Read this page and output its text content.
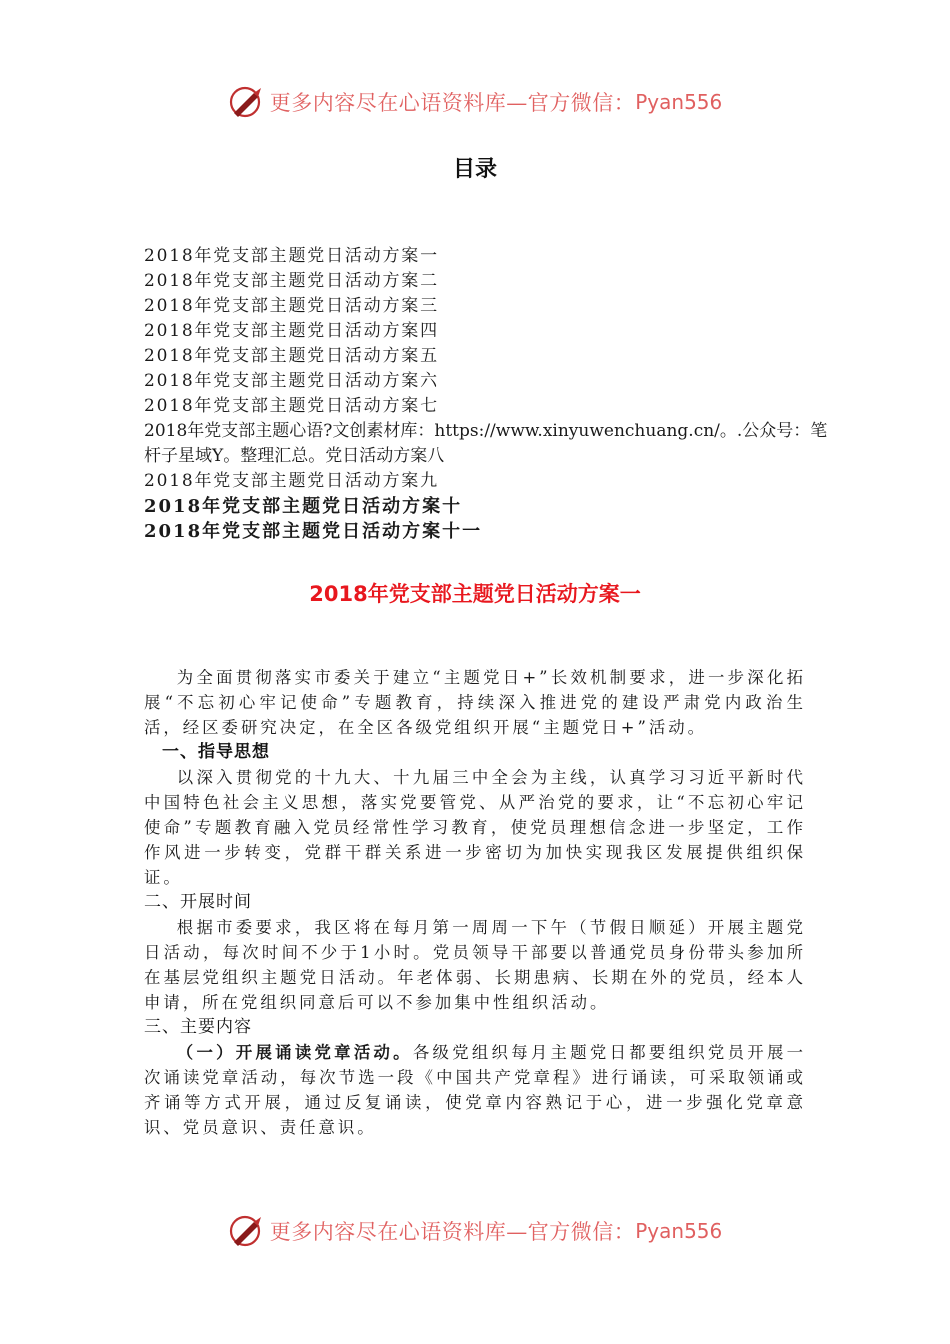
更多内容尽在心语资料库—官方微信： Pyan556
目录
2018年党支部主题党日活动方案一
2018年党支部主题党日活动方案二
2018年党支部主题党日活动方案三
2018年党支部主题党日活动方案四
2018年党支部主题党日活动方案五
2018年党支部主题党日活动方案六
2018年党支部主题党日活动方案七
2018年党支部主题心语?文创素材库：https://www.xinyuwenchuang.cn/。.公众号：笔杆子星域Y。整理汇总。党日活动方案八
2018年党支部主题党日活动方案九
2018年党支部主题党日活动方案十
2018年党支部主题党日活动方案十一
2018年党支部主题党日活动方案一

为全面贯彻落实市委关于建立“主题党日+”长效机制要求，进一步深化拓展“不忘初心牢记使命”专题教育，持续深入推进党的建设严肃党内政治生活，经区委研究决定，在全区各级党组织开展“主题党日+”活动。

一、指导思想

以深入贯彻党的十九大、十九届三中全会为主线，认真学习习近平新时代中国特色社会主义思想，落实党要管党、从严治党的要求，让“不忘初心牢记使命”专题教育融入党员经常性学习教育，使党员理想信念进一步坚定，工作作风进一步转变，党群干群关系进一步密切为加快实现我区发展提供组织保证。

二、开展时间

根据市委要求，我区将在每月第一周周一下午（节假日顺延）开展主题党日活动，每次时间不少于1小时。党员领导干部要以普通党员身份带头参加所在基层党组织主题党日活动。年老体弱、长期患病、长期在外的党员，经本人申请，所在党组织同意后可以不参加集中性组织活动。

三、主要内容

（一）开展诵读党章活动。各级党组织每月主题党日都要组织党员开展一次诵读党章活动，每次节选一段《中国共产党章程》进行诵读，可采取领诵或齐诵等方式开展，通过反复诵读，使党章内容熟记于心，进一步强化党章意识、党员意识、责任意识。

更多内容尽在心语资料库—官方微信： Pyan556
